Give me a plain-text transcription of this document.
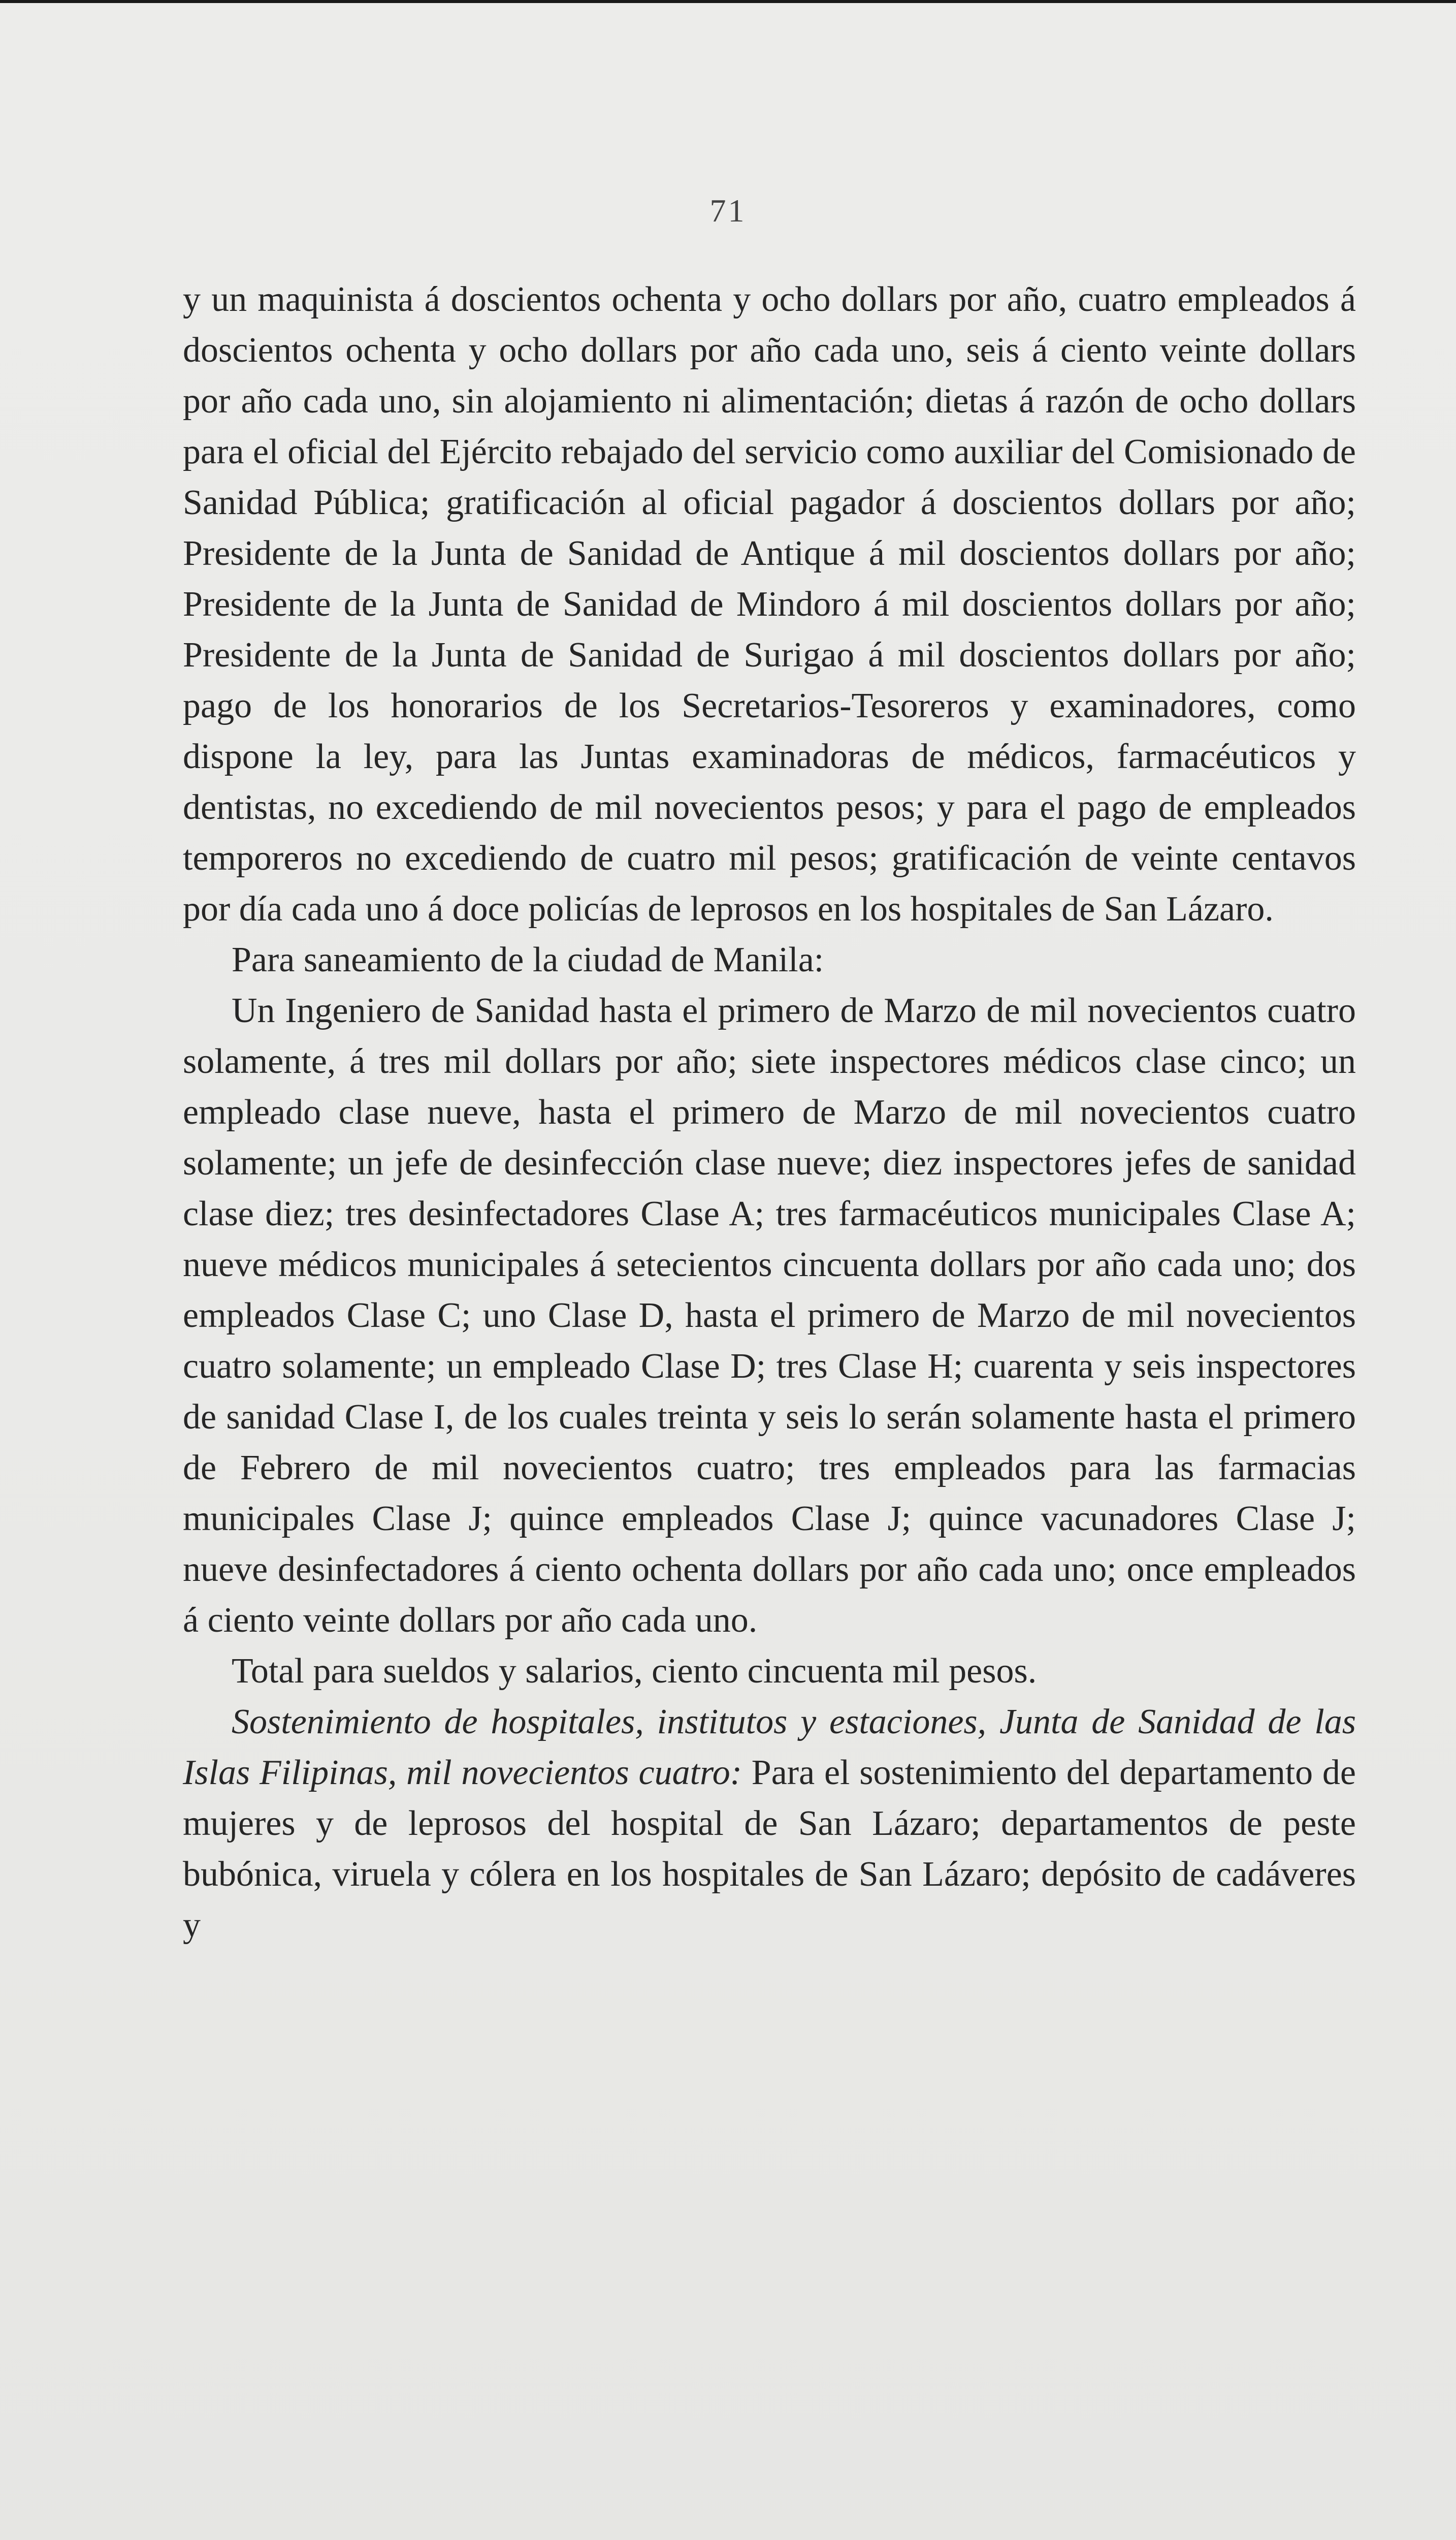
71

y un maquinista á doscientos ochenta y ocho dollars por año, cuatro empleados á doscientos ochenta y ocho dollars por año cada uno, seis á ciento veinte dollars por año cada uno, sin alojamiento ni alimentación; dietas á razón de ocho dollars para el oficial del Ejército rebajado del servicio como auxiliar del Comisionado de Sanidad Pública; gratificación al oficial pagador á doscientos dollars por año; Presidente de la Junta de Sanidad de Antique á mil doscientos dollars por año; Presidente de la Junta de Sanidad de Mindoro á mil doscientos dollars por año; Presidente de la Junta de Sanidad de Surigao á mil doscientos dollars por año; pago de los honorarios de los Secretarios-Tesoreros y examinadores, como dispone la ley, para las Juntas examinadoras de médicos, farmacéuticos y dentistas, no excediendo de mil novecientos pesos; y para el pago de empleados temporeros no excediendo de cuatro mil pesos; gratificación de veinte centavos por día cada uno á doce policías de leprosos en los hospitales de San Lázaro.

Para saneamiento de la ciudad de Manila:

Un Ingeniero de Sanidad hasta el primero de Marzo de mil novecientos cuatro solamente, á tres mil dollars por año; siete inspectores médicos clase cinco; un empleado clase nueve, hasta el primero de Marzo de mil novecientos cuatro solamente; un jefe de desinfección clase nueve; diez inspectores jefes de sanidad clase diez; tres desinfectadores Clase A; tres farmacéuticos municipales Clase A; nueve médicos municipales á setecientos cincuenta dollars por año cada uno; dos empleados Clase C; uno Clase D, hasta el primero de Marzo de mil novecientos cuatro solamente; un empleado Clase D; tres Clase H; cuarenta y seis inspectores de sanidad Clase I, de los cuales treinta y seis lo serán solamente hasta el primero de Febrero de mil novecientos cuatro; tres empleados para las farmacias municipales Clase J; quince empleados Clase J; quince vacunadores Clase J; nueve desinfectadores á ciento ochenta dollars por año cada uno; once empleados á ciento veinte dollars por año cada uno.

Total para sueldos y salarios, ciento cincuenta mil pesos.

Sostenimiento de hospitales, institutos y estaciones, Junta de Sanidad de las Islas Filipinas, mil novecientos cuatro: Para el sostenimiento del departamento de mujeres y de leprosos del hospital de San Lázaro; departamentos de peste bubónica, viruela y cólera en los hospitales de San Lázaro; depósito de cadáveres y
